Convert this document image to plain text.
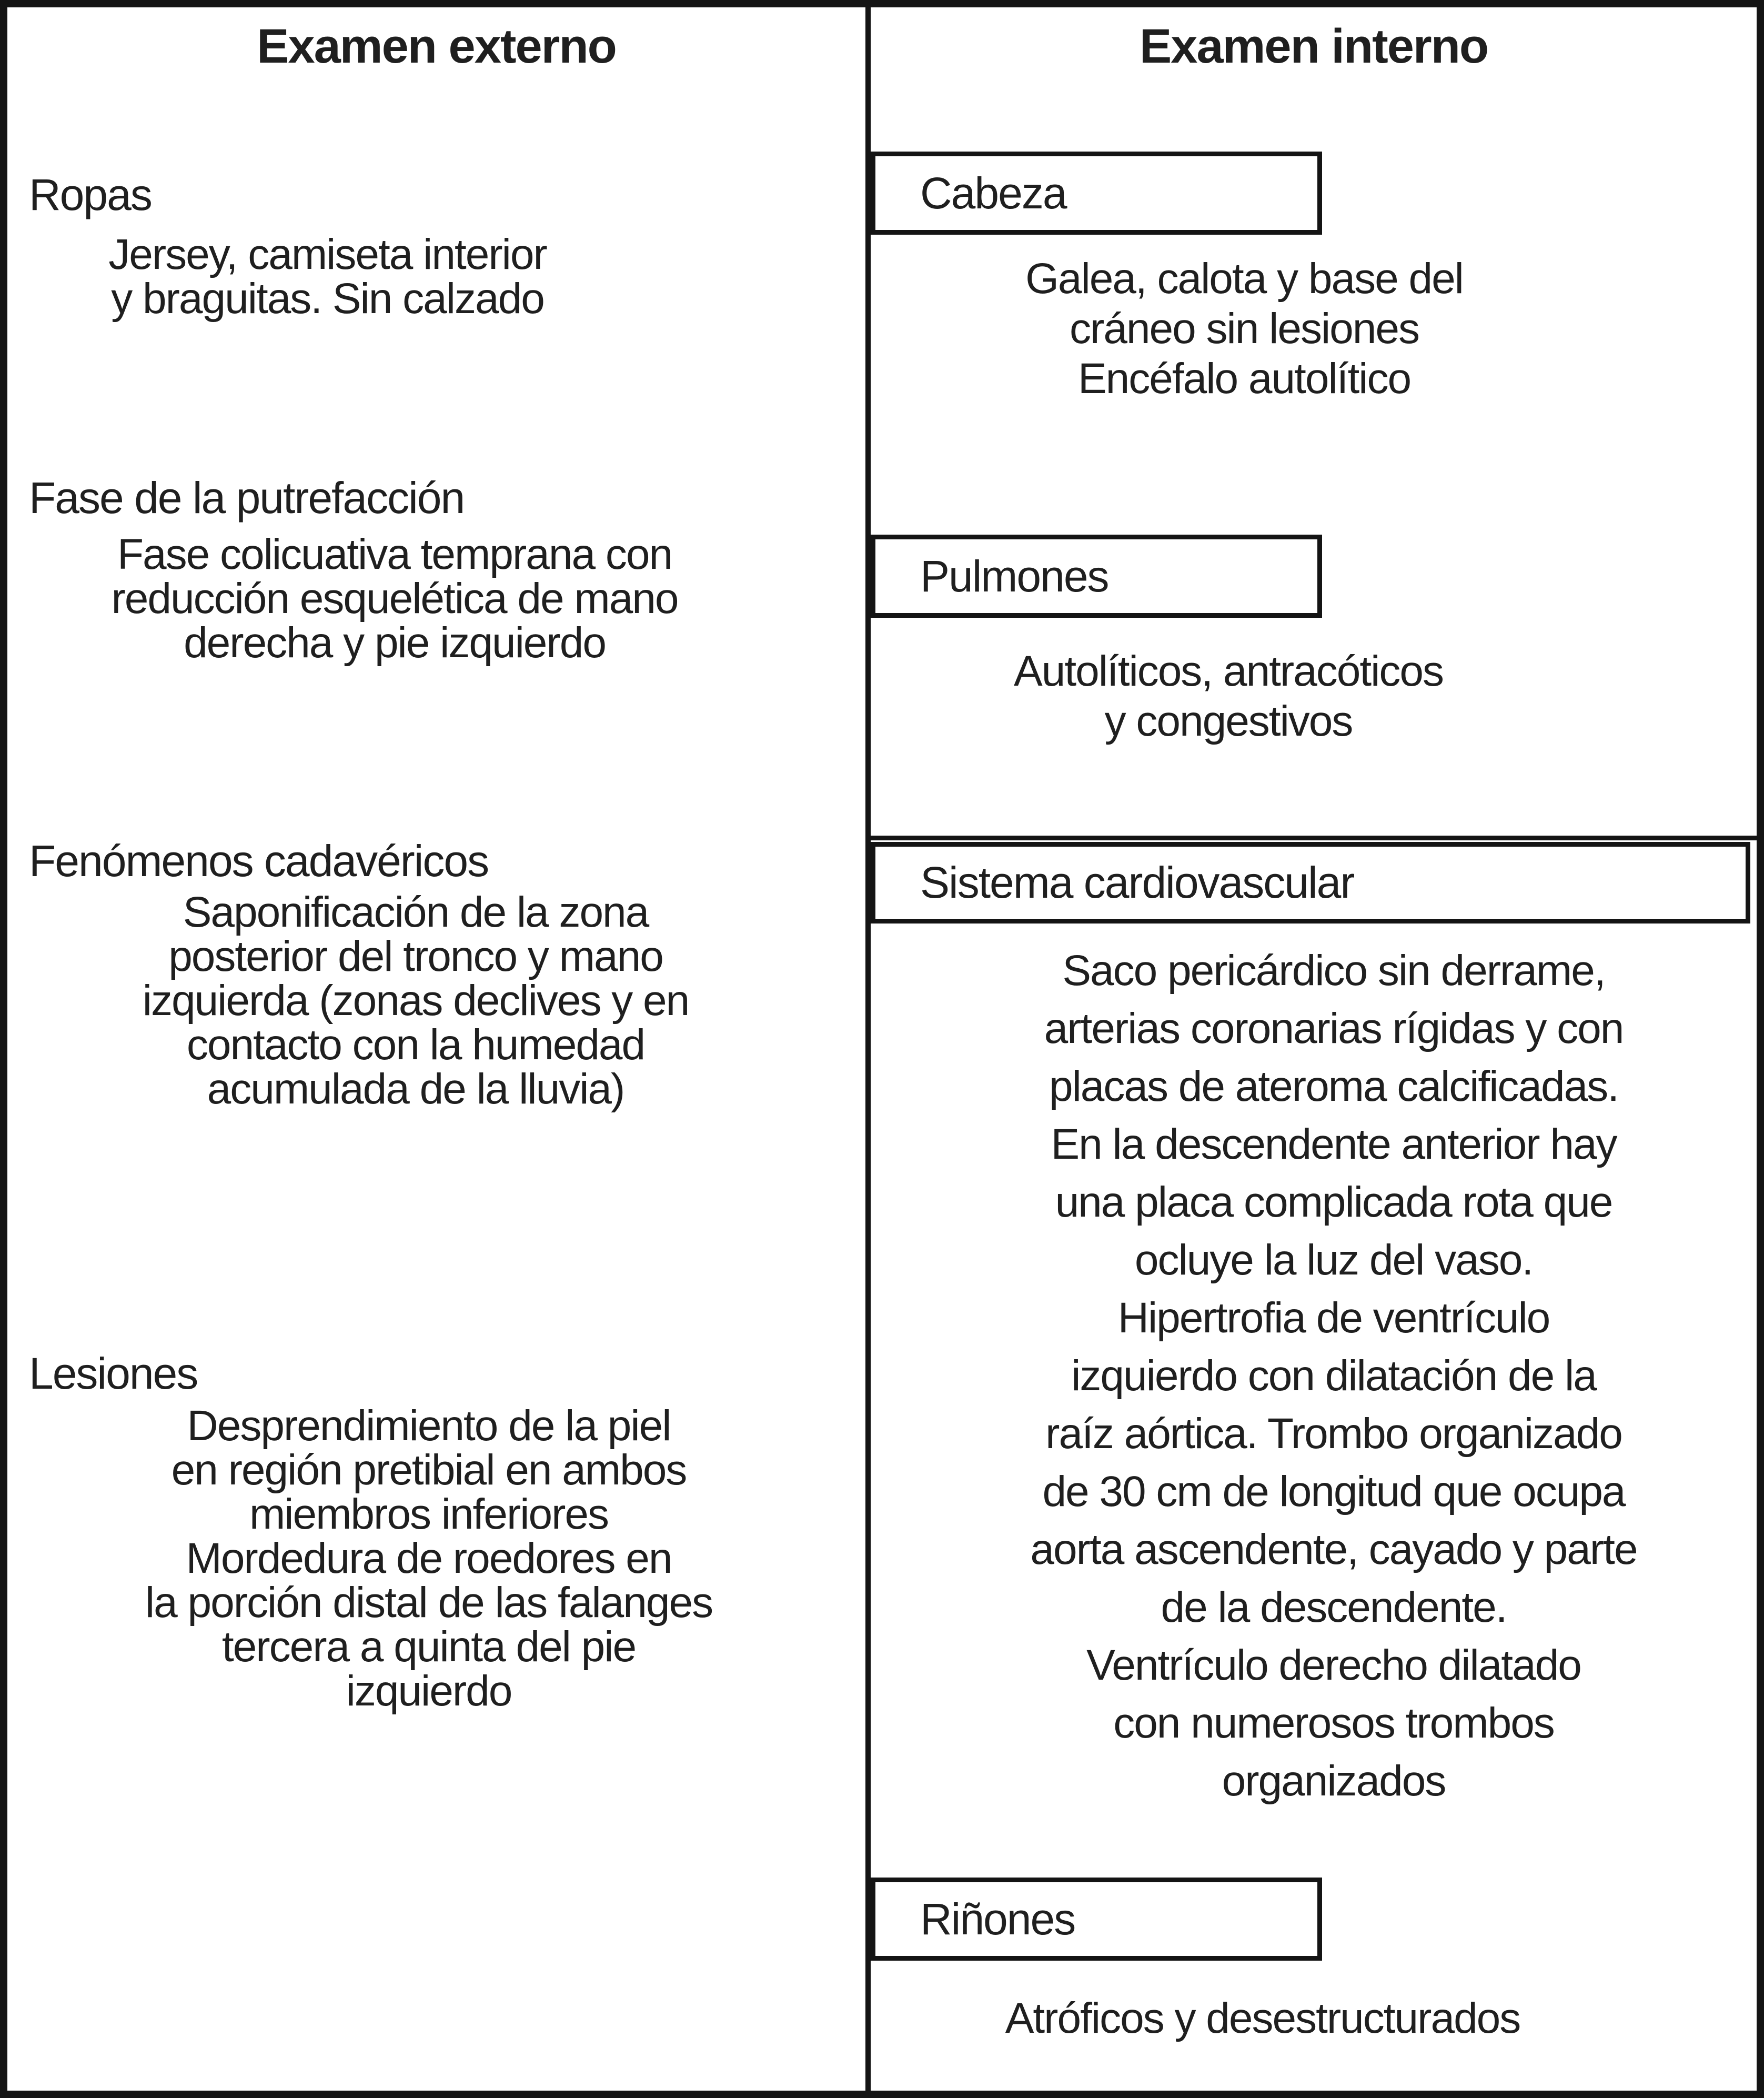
Examen externo
Ropas
Jersey, camiseta interior
y braguitas. Sin calzado
Fase de la putrefacción
Fase colicuativa temprana con
reducción esquelética de mano
derecha y pie izquierdo
Fenómenos cadavéricos
Saponificación de la zona
posterior del tronco y mano
izquierda (zonas declives y en
contacto con la humedad
acumulada de la lluvia)
Lesiones
Desprendimiento de la piel
en región pretibial en ambos
miembros inferiores
Mordedura de roedores en
la porción distal de las falanges
tercera a quinta del pie
izquierdo
Examen interno
Cabeza
Galea, calota y base del
cráneo sin lesiones
Encéfalo autolítico
Pulmones
Autolíticos, antracóticos
y congestivos
Sistema cardiovascular
Saco pericárdico sin derrame,
arterias coronarias rígidas y con
placas de ateroma calcificadas.
En la descendente anterior hay
una placa complicada rota que
ocluye la luz del vaso.
Hipertrofia de ventrículo
izquierdo con dilatación de la
raíz aórtica. Trombo organizado
de 30 cm de longitud que ocupa
aorta ascendente, cayado y parte
de la descendente.
Ventrículo derecho dilatado
con numerosos trombos
organizados
Riñones
Atróficos y desestructurados
